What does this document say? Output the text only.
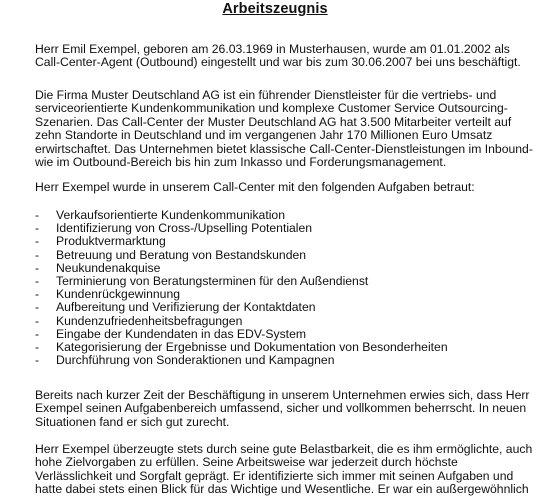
Arbeitszeugnis

Herr Emil Exempel, geboren am 26.03.1969 in Musterhausen, wurde am 01.01.2002 als
Call-Center-Agent (Outbound) eingestellt und war bis zum 30.06.2007 bei uns beschäftigt.

Die Firma Muster Deutschland AG ist ein führender Dienstleister für die vertriebs- und
serviceorientierte Kundenkommunikation und komplexe Customer Service Outsourcing-
Szenarien. Das Call-Center der Muster Deutschland AG hat 3.500 Mitarbeiter verteilt auf
zehn Standorte in Deutschland und im vergangenen Jahr 170 Millionen Euro Umsatz
erwirtschaftet. Das Unternehmen bietet klassische Call-Center-Dienstleistungen im Inbound-
wie im Outbound-Bereich bis hin zum Inkasso und Forderungsmanagement.

Herr Exempel wurde in unserem Call-Center mit den folgenden Aufgaben betraut:

- Verkaufsorientierte Kundenkommunikation
- Identifizierung von Cross-/Upselling Potentialen
- Produktvermarktung
- Betreuung und Beratung von Bestandskunden
- Neukundenakquise
- Terminierung von Beratungsterminen für den Außendienst
- Kundenrückgewinnung
- Aufbereitung und Verifizierung der Kontaktdaten
- Kundenzufriedenheitsbefragungen
- Eingabe der Kundendaten in das EDV-System
- Kategorisierung der Ergebnisse und Dokumentation von Besonderheiten
- Durchführung von Sonderaktionen und Kampagnen

Bereits nach kurzer Zeit der Beschäftigung in unserem Unternehmen erwies sich, dass Herr
Exempel seinen Aufgabenbereich umfassend, sicher und vollkommen beherrscht. In neuen
Situationen fand er sich gut zurecht.

Herr Exempel überzeugte stets durch seine gute Belastbarkeit, die es ihm ermöglichte, auch
hohe Zielvorgaben zu erfüllen. Seine Arbeitsweise war jederzeit durch höchste
Verlässlichkeit und Sorgfalt geprägt. Er identifizierte sich immer mit seinen Aufgaben und
hatte dabei stets einen Blick für das Wichtige und Wesentliche. Er war ein außergewöhnlich
